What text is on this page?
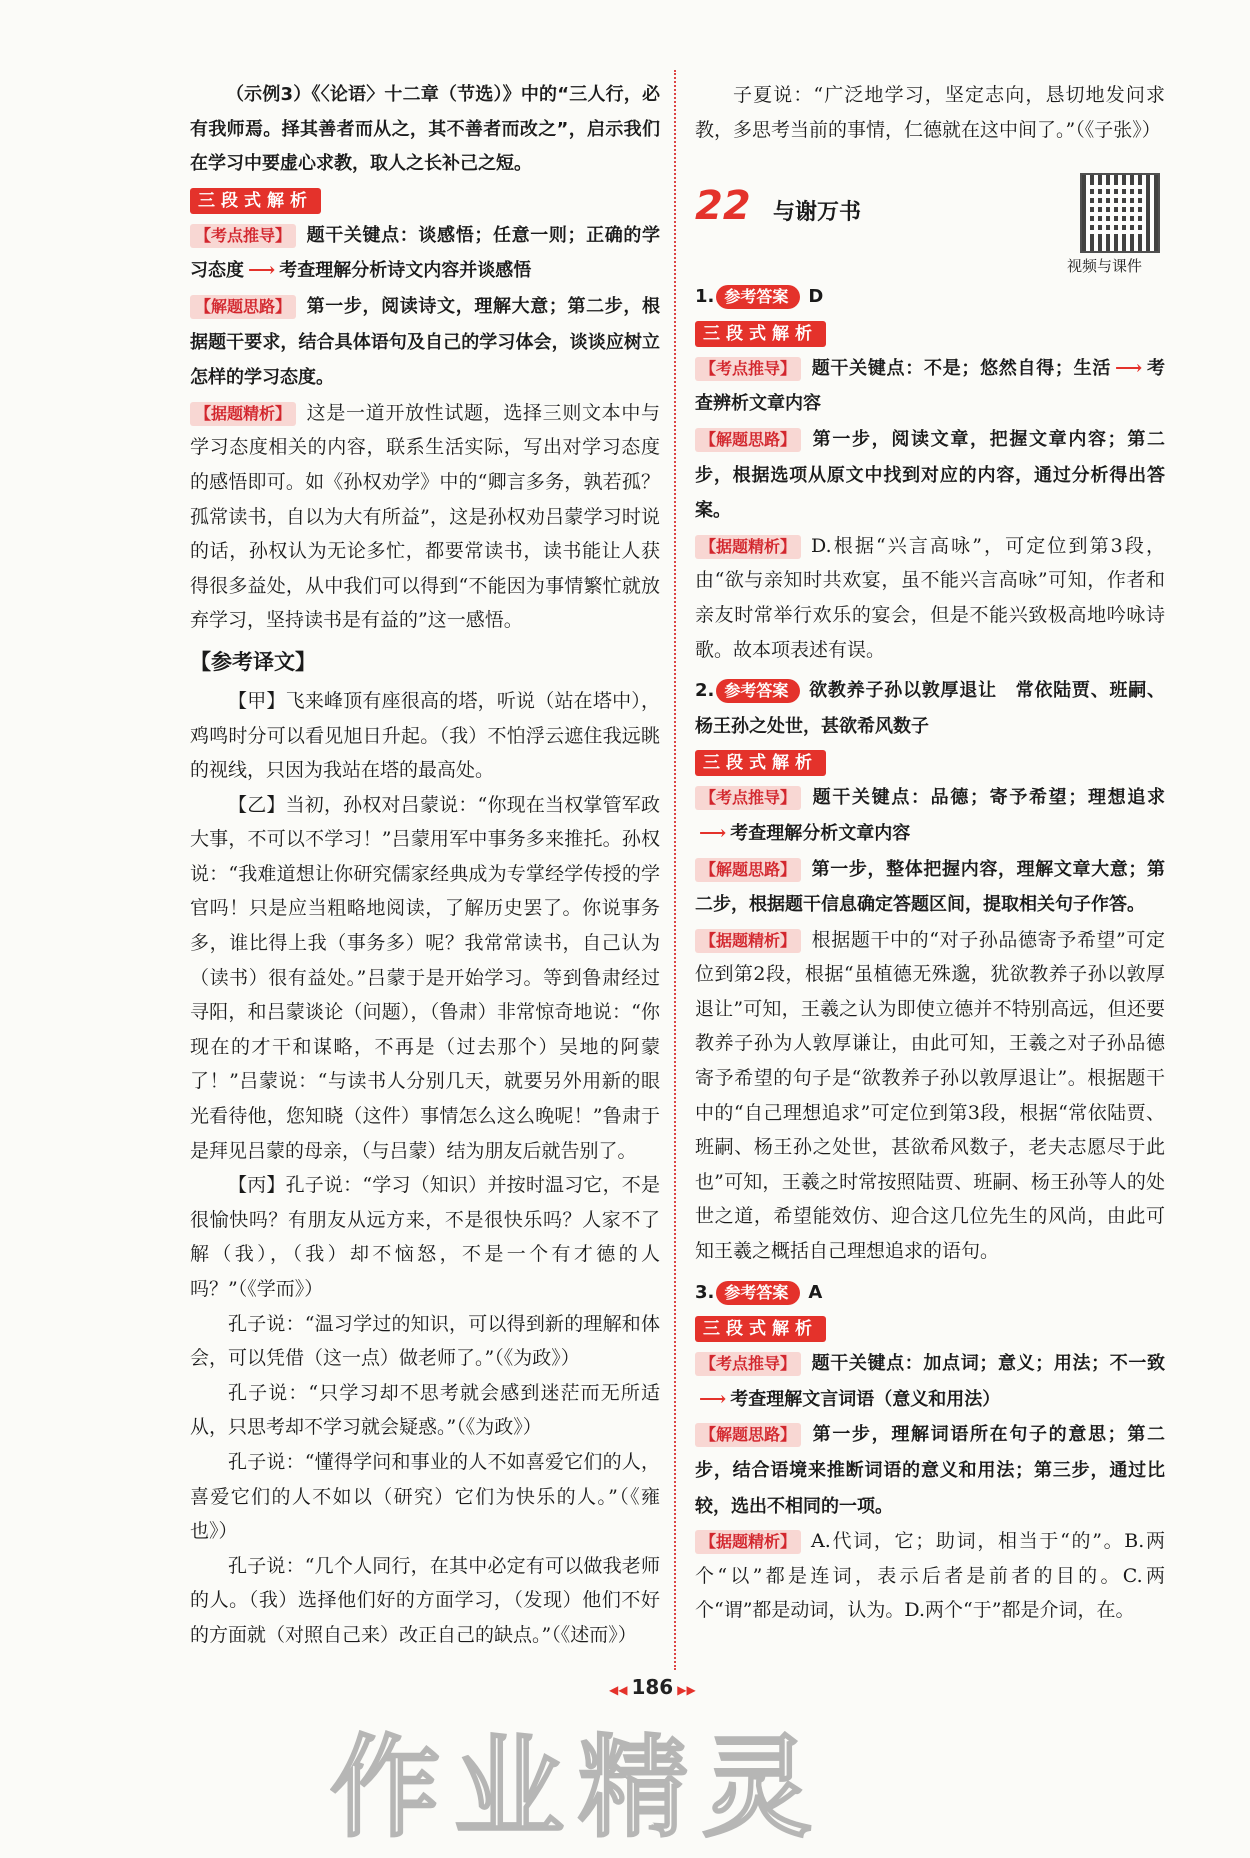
（示例3）《〈论语〉十二章（节选）》中的“三人行，必有我师焉。择其善者而从之，其不善者而改之”，启示我们在学习中要虚心求教，取人之长补己之短。

三段式解析

【考点推导】 题干关键点：谈感悟；任意一则；正确的学习态度 ⟶ 考查理解分析诗文内容并谈感悟

【解题思路】 第一步，阅读诗文，理解大意；第二步，根据题干要求，结合具体语句及自己的学习体会，谈谈应树立怎样的学习态度。

【据题精析】 这是一道开放性试题，选择三则文本中与学习态度相关的内容，联系生活实际，写出对学习态度的感悟即可。如《孙权劝学》中的“卿言多务，孰若孤？孤常读书，自以为大有所益”，这是孙权劝吕蒙学习时说的话，孙权认为无论多忙，都要常读书，读书能让人获得很多益处，从中我们可以得到“不能因为事情繁忙就放弃学习，坚持读书是有益的”这一感悟。

【参考译文】

【甲】飞来峰顶有座很高的塔，听说（站在塔中），鸡鸣时分可以看见旭日升起。（我）不怕浮云遮住我远眺的视线，只因为我站在塔的最高处。

【乙】当初，孙权对吕蒙说：“你现在当权掌管军政大事，不可以不学习！”吕蒙用军中事务多来推托。孙权说：“我难道想让你研究儒家经典成为专掌经学传授的学官吗！只是应当粗略地阅读，了解历史罢了。你说事务多，谁比得上我（事务多）呢？我常常读书，自己认为（读书）很有益处。”吕蒙于是开始学习。等到鲁肃经过寻阳，和吕蒙谈论（问题），（鲁肃）非常惊奇地说：“你现在的才干和谋略，不再是（过去那个）吴地的阿蒙了！”吕蒙说：“与读书人分别几天，就要另外用新的眼光看待他，您知晓（这件）事情怎么这么晚呢！”鲁肃于是拜见吕蒙的母亲，（与吕蒙）结为朋友后就告别了。

【丙】孔子说：“学习（知识）并按时温习它，不是很愉快吗？有朋友从远方来，不是很快乐吗？人家不了解（我），（我）却不恼怒，不是一个有才德的人吗？”（《学而》）

孔子说：“温习学过的知识，可以得到新的理解和体会，可以凭借（这一点）做老师了。”（《为政》）

孔子说：“只学习却不思考就会感到迷茫而无所适从，只思考却不学习就会疑惑。”（《为政》）

孔子说：“懂得学问和事业的人不如喜爱它们的人，喜爱它们的人不如以（研究）它们为快乐的人。”（《雍也》）

孔子说：“几个人同行，在其中必定有可以做我老师的人。（我）选择他们好的方面学习，（发现）他们不好的方面就（对照自己来）改正自己的缺点。”（《述而》）

子夏说：“广泛地学习，坚定志向，恳切地发问求教，多思考当前的事情，仁德就在这中间了。”（《子张》）

22 与谢万书
视频与课件

1. 参考答案 D

三段式解析

【考点推导】 题干关键点：不是；悠然自得；生活 ⟶ 考查辨析文章内容

【解题思路】 第一步，阅读文章，把握文章内容；第二步，根据选项从原文中找到对应的内容，通过分析得出答案。

【据题精析】 D.根据“兴言高咏”，可定位到第3段，由“欲与亲知时共欢宴，虽不能兴言高咏”可知，作者和亲友时常举行欢乐的宴会，但是不能兴致极高地吟咏诗歌。故本项表述有误。

2. 参考答案 欲教养子孙以敦厚退让　常依陆贾、班嗣、杨王孙之处世，甚欲希风数子

三段式解析

【考点推导】 题干关键点：品德；寄予希望；理想追求⟶ 考查理解分析文章内容

【解题思路】 第一步，整体把握内容，理解文章大意；第二步，根据题干信息确定答题区间，提取相关句子作答。

【据题精析】 根据题干中的“对子孙品德寄予希望”可定位到第2段，根据“虽植德无殊邈，犹欲教养子孙以敦厚退让”可知，王羲之认为即使立德并不特别高远，但还要教养子孙为人敦厚谦让，由此可知，王羲之对子孙品德寄予希望的句子是“欲教养子孙以敦厚退让”。根据题干中的“自己理想追求”可定位到第3段，根据“常依陆贾、班嗣、杨王孙之处世，甚欲希风数子，老夫志愿尽于此也”可知，王羲之时常按照陆贾、班嗣、杨王孙等人的处世之道，希望能效仿、迎合这几位先生的风尚，由此可知王羲之概括自己理想追求的语句。

3. 参考答案 A

三段式解析

【考点推导】 题干关键点：加点词；意义；用法；不一致⟶ 考查理解文言词语（意义和用法）

【解题思路】 第一步，理解词语所在句子的意思；第二步，结合语境来推断词语的意义和用法；第三步，通过比较，选出不相同的一项。

【据题精析】 A.代词，它；助词，相当于“的”。B.两个“以”都是连词，表示后者是前者的目的。C.两个“谓”都是动词，认为。D.两个“于”都是介词，在。

◀◀ 186 ▶▶
作业精灵
